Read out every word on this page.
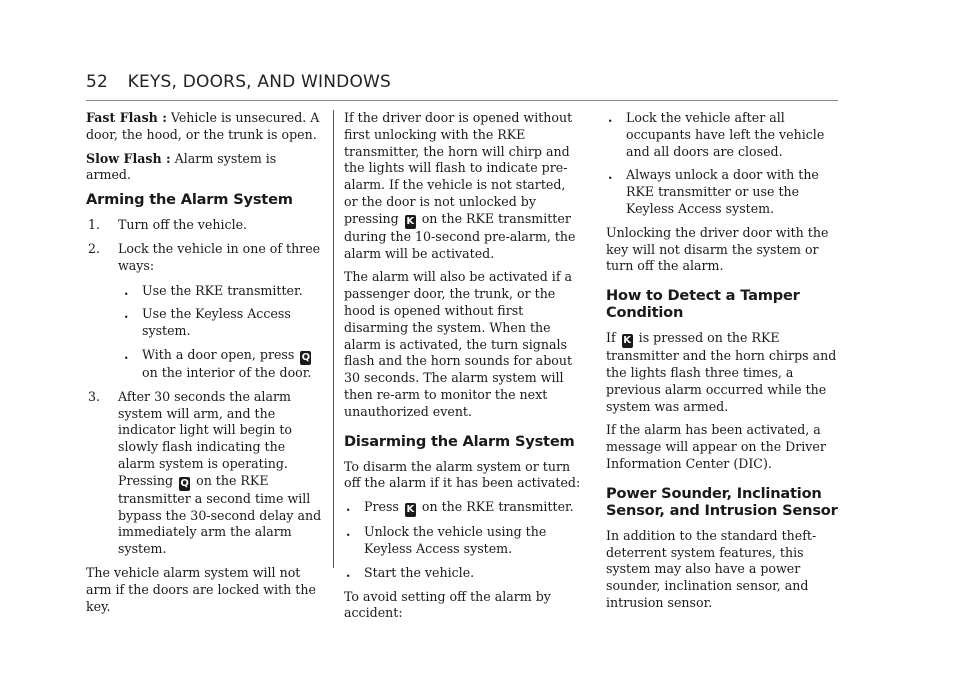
52 KEYS, DOORS, AND WINDOWS

Fast Flash : Vehicle is unsecured. A door, the hood, or the trunk is open.

Slow Flash : Alarm system is armed.

Arming the Alarm System
1. Turn off the vehicle.
2. Lock the vehicle in one of three ways:
. Use the RKE transmitter.
. Use the Keyless Access system.
. With a door open, press Q on the interior of the door.
3. After 30 seconds the alarm system will arm, and the indicator light will begin to slowly flash indicating the alarm system is operating. Pressing Q on the RKE transmitter a second time will bypass the 30-second delay and immediately arm the alarm system.

The vehicle alarm system will not arm if the doors are locked with the key.

If the driver door is opened without first unlocking with the RKE transmitter, the horn will chirp and the lights will flash to indicate pre-alarm. If the vehicle is not started, or the door is not unlocked by pressing K on the RKE transmitter during the 10-second pre-alarm, the alarm will be activated.

The alarm will also be activated if a passenger door, the trunk, or the hood is opened without first disarming the system. When the alarm is activated, the turn signals flash and the horn sounds for about 30 seconds. The alarm system will then re-arm to monitor the next unauthorized event.

Disarming the Alarm System

To disarm the alarm system or turn off the alarm if it has been activated:

. Press K on the RKE transmitter.
. Unlock the vehicle using the Keyless Access system.
. Start the vehicle.

To avoid setting off the alarm by accident:

. Lock the vehicle after all occupants have left the vehicle and all doors are closed.
. Always unlock a door with the RKE transmitter or use the Keyless Access system.

Unlocking the driver door with the key will not disarm the system or turn off the alarm.

How to Detect a Tamper Condition

If K is pressed on the RKE transmitter and the horn chirps and the lights flash three times, a previous alarm occurred while the system was armed.

If the alarm has been activated, a message will appear on the Driver Information Center (DIC).

Power Sounder, Inclination Sensor, and Intrusion Sensor

In addition to the standard theft-deterrent system features, this system may also have a power sounder, inclination sensor, and intrusion sensor.
